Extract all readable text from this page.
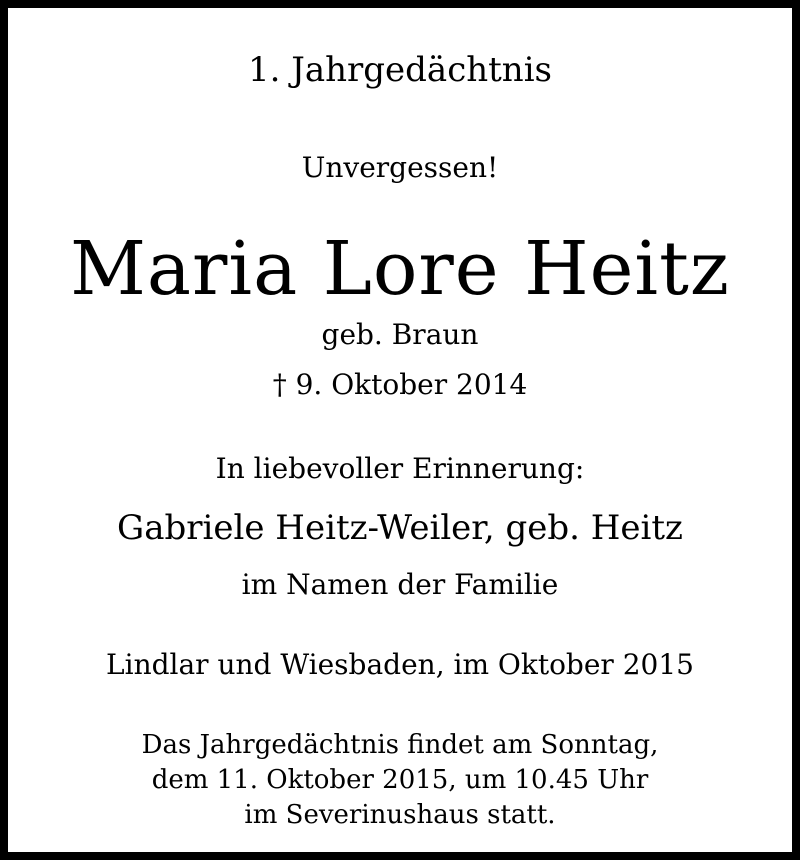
1. Jahrgedächtnis
Unvergessen!
Maria Lore Heitz
geb. Braun
† 9. Oktober 2014
In liebevoller Erinnerung:
Gabriele Heitz-Weiler, geb. Heitz
im Namen der Familie
Lindlar und Wiesbaden, im Oktober 2015
Das Jahrgedächtnis findet am Sonntag,
dem 11. Oktober 2015, um 10.45 Uhr
im Severinushaus statt.
